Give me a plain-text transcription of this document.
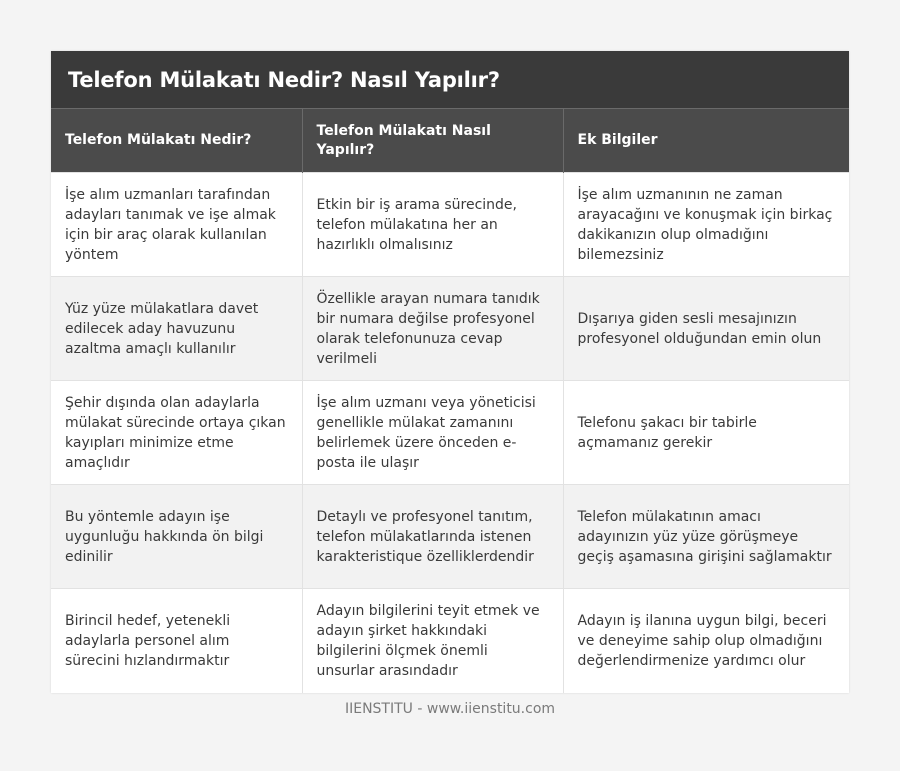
Telefon Mülakatı Nedir? Nasıl Yapılır?
Telefon Mülakatı Nedir?	Telefon Mülakatı Nasıl Yapılır?	Ek Bilgiler
İşe alım uzmanları tarafından adayları tanımak ve işe almak için bir araç olarak kullanılan yöntem	Etkin bir iş arama sürecinde, telefon mülakatına her an hazırlıklı olmalısınız	İşe alım uzmanının ne zaman arayacağını ve konuşmak için birkaç dakikanızın olup olmadığını bilemezsiniz
Yüz yüze mülakatlara davet edilecek aday havuzunu azaltma amaçlı kullanılır	Özellikle arayan numara tanıdık bir numara değilse profesyonel olarak telefonunuza cevap verilmeli	Dışarıya giden sesli mesajınızın profesyonel olduğundan emin olun
Şehir dışında olan adaylarla mülakat sürecinde ortaya çıkan kayıpları minimize etme amaçlıdır	İşe alım uzmanı veya yöneticisi genellikle mülakat zamanını belirlemek üzere önceden e-posta ile ulaşır	Telefonu şakacı bir tabirle açmamanız gerekir
Bu yöntemle adayın işe uygunluğu hakkında ön bilgi edinilir	Detaylı ve profesyonel tanıtım, telefon mülakatlarında istenen karakteristique özelliklerdendir	Telefon mülakatının amacı adayınızın yüz yüze görüşmeye geçiş aşamasına girişini sağlamaktır
Birincil hedef, yetenekli adaylarla personel alım sürecini hızlandırmaktır	Adayın bilgilerini teyit etmek ve adayın şirket hakkındaki bilgilerini ölçmek önemli unsurlar arasındadır	Adayın iş ilanına uygun bilgi, beceri ve deneyime sahip olup olmadığını değerlendirmenize yardımcı olur
IIENSTITU - www.iienstitu.com
